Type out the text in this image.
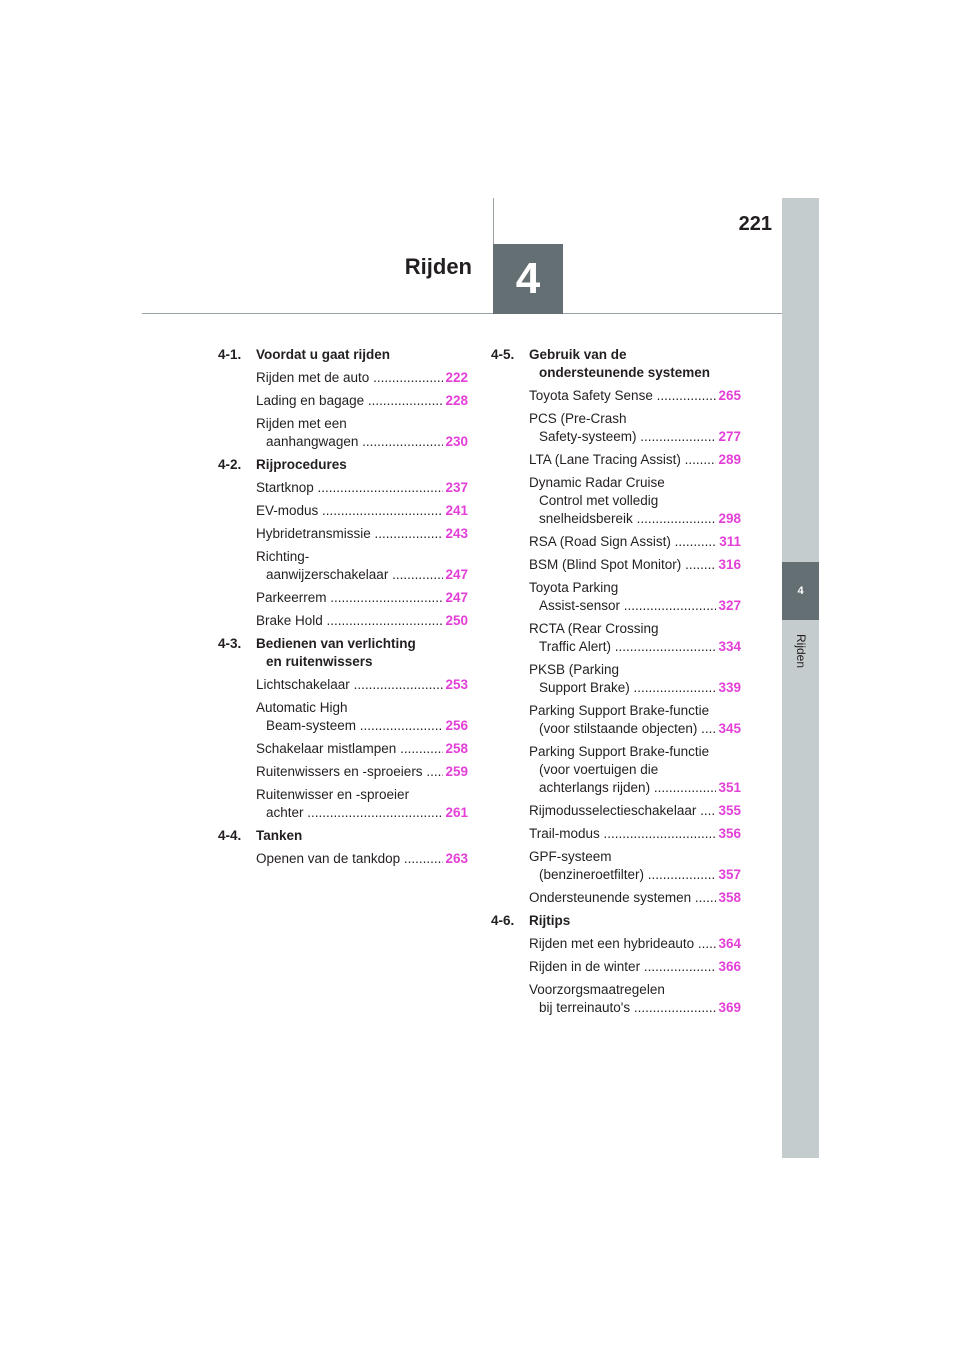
4
Rijden
221
Rijden 4
4-1.	Voordat u gaat rijden
Rijden met de auto .....	222
Lading en bagage .....	228
Rijden met een
aanhangwagen .....	230
4-2.	Rijprocedures
Startknop .....	237
EV-modus .....	241
Hybridetransmissie .....	243
Richting-
aanwijzerschakelaar .....	247
Parkeerrem .....	247
Brake Hold .....	250
4-3.	Bedienen van verlichting
en ruitenwissers
Lichtschakelaar .....	253
Automatic High
Beam-systeem .....	256
Schakelaar mistlampen .....	258
Ruitenwissers en -sproeiers .....	259
Ruitenwisser en -sproeier
achter .....	261
4-4.	Tanken
Openen van de tankdop .....	263
4-5.	Gebruik van de
ondersteunende systemen
Toyota Safety Sense .....	265
PCS (Pre-Crash
Safety-systeem) .....	277
LTA (Lane Tracing Assist) .....	289
Dynamic Radar Cruise
Control met volledig
snelheidsbereik .....	298
RSA (Road Sign Assist) .....	311
BSM (Blind Spot Monitor) .....	316
Toyota Parking
Assist-sensor .....	327
RCTA (Rear Crossing
Traffic Alert) .....	334
PKSB (Parking
Support Brake) .....	339
Parking Support Brake-functie
(voor stilstaande objecten) .....	345
Parking Support Brake-functie
(voor voertuigen die
achterlangs rijden) .....	351
Rijmodusselectieschakelaar .....	355
Trail-modus .....	356
GPF-systeem
(benzineroetfilter) .....	357
Ondersteunende systemen .....	358
4-6.	Rijtips
Rijden met een hybrideauto .....	364
Rijden in de winter .....	366
Voorzorgsmaatregelen
bij terreinauto's .....	369
